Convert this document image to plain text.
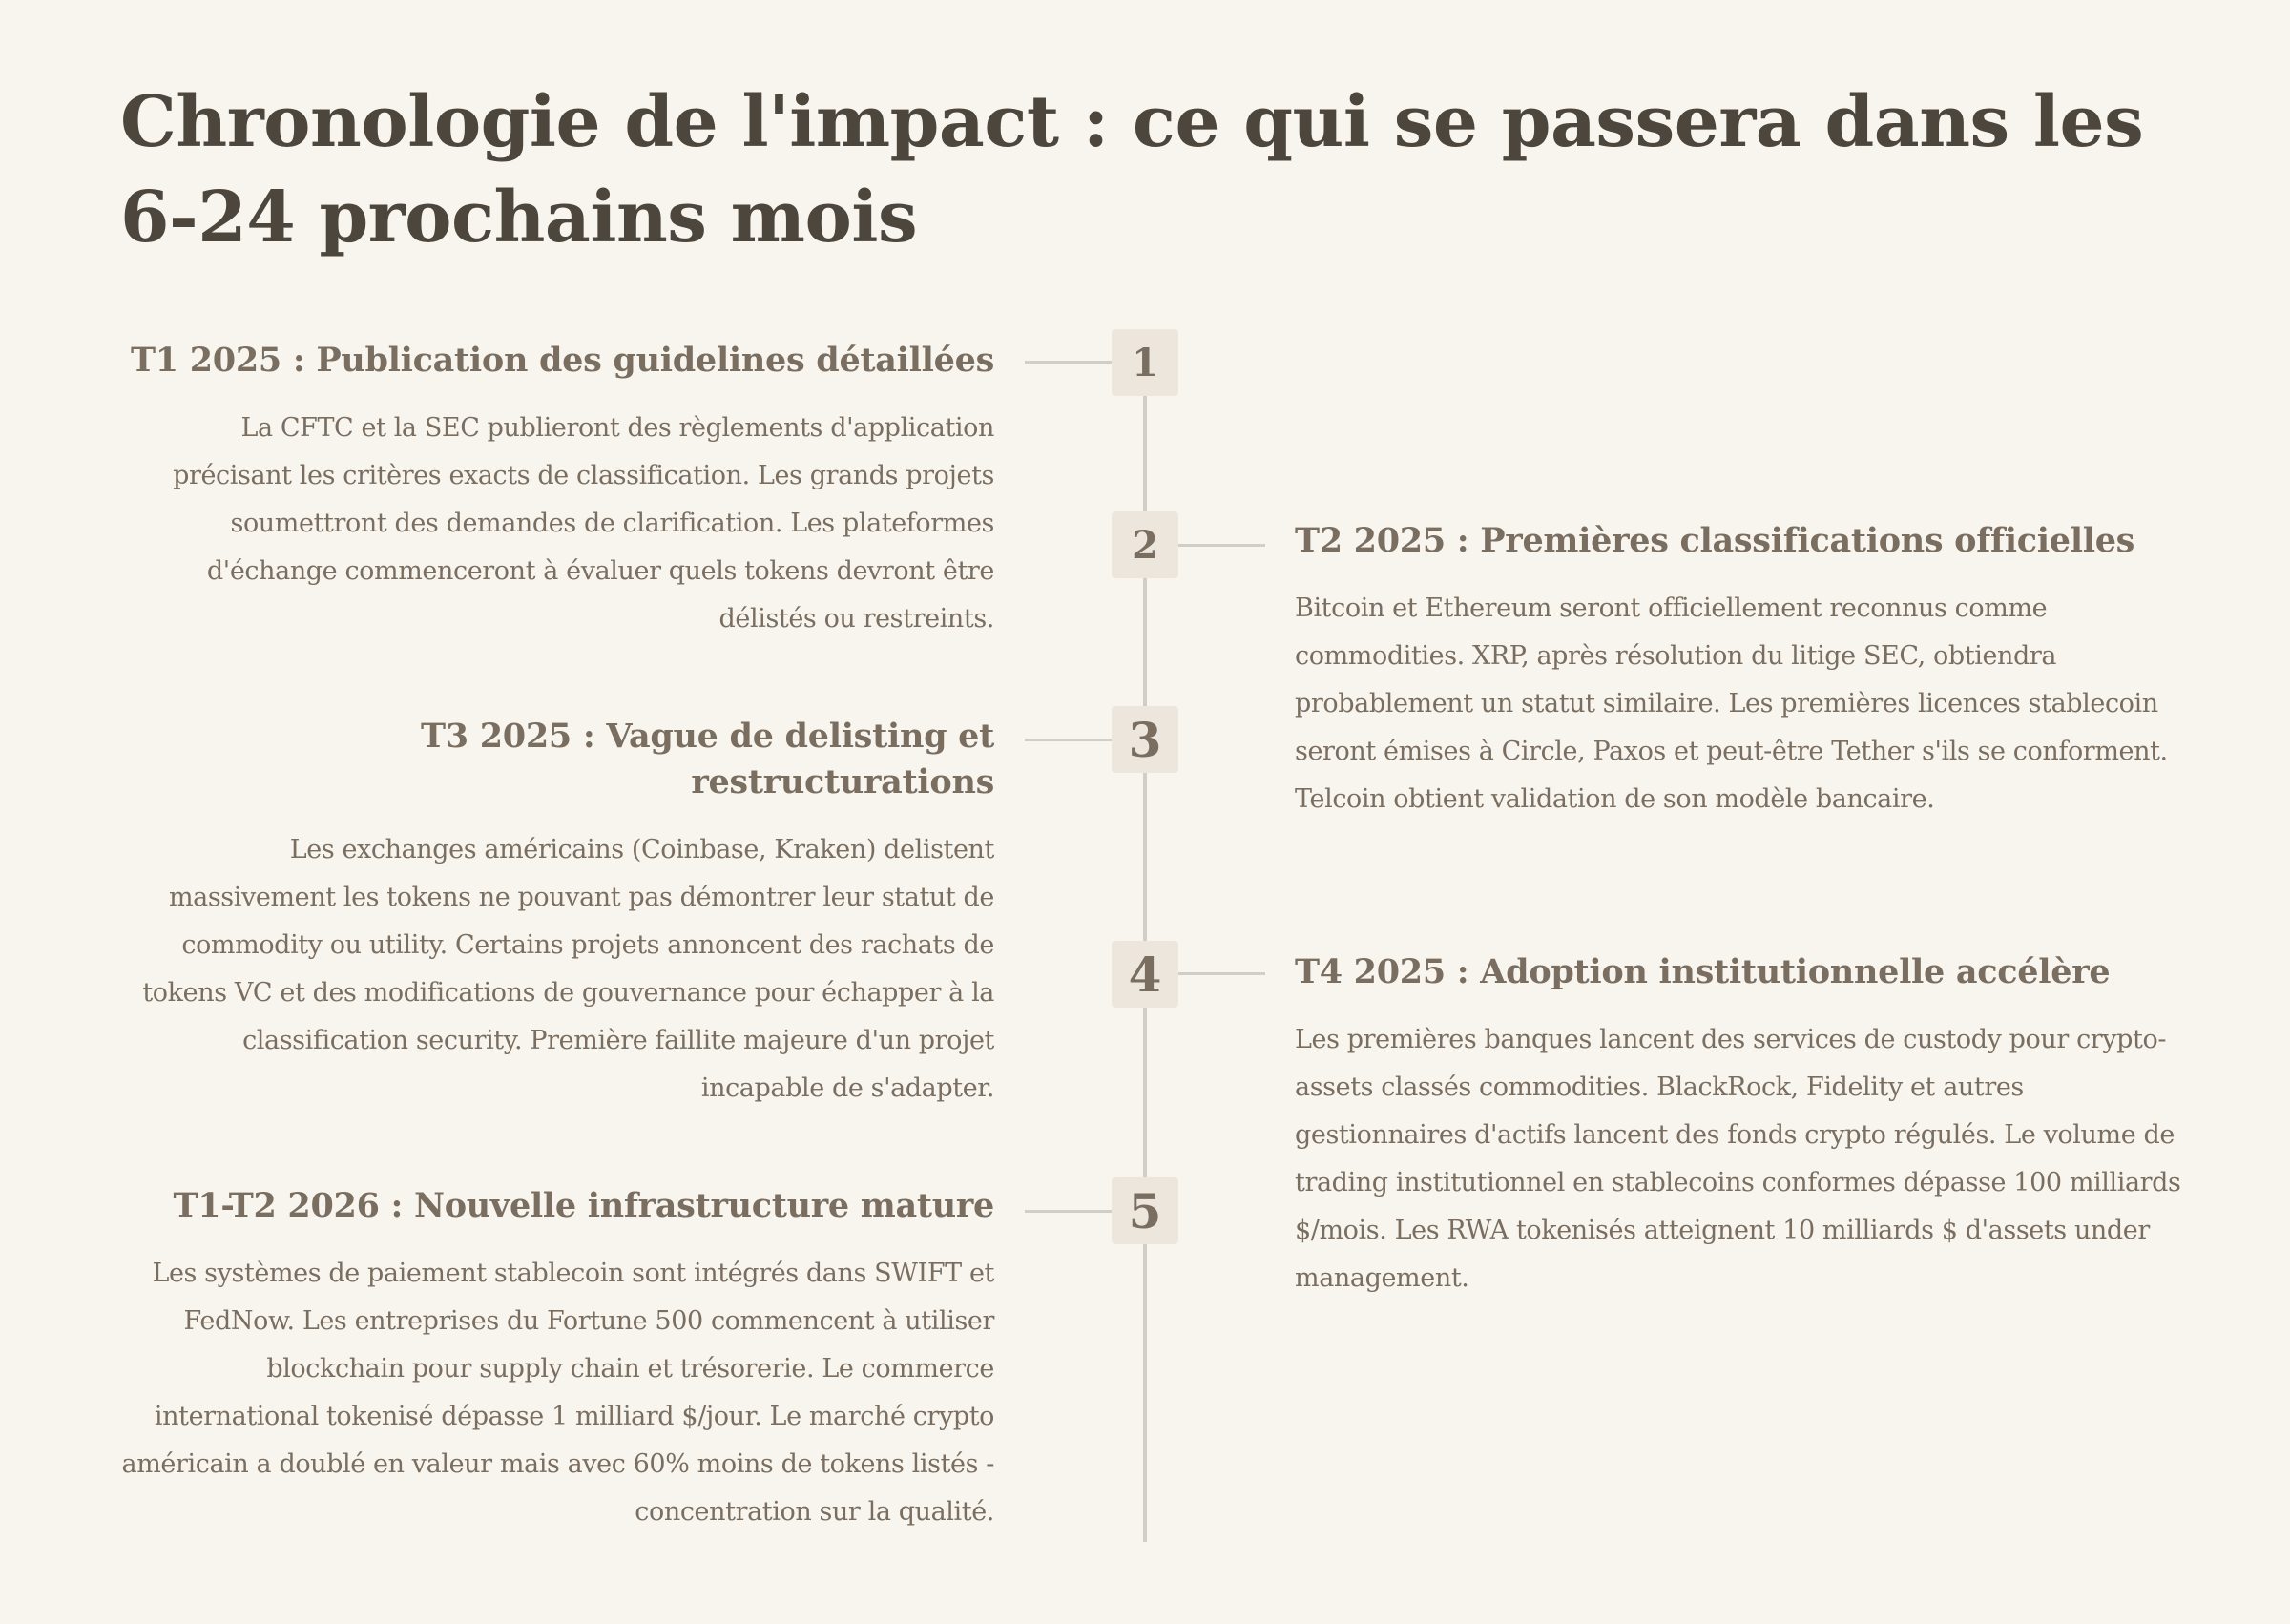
Chronologie de l'impact : ce qui se passera dans les 6-24 prochains mois
1
2
3
4
5
T1 2025 : Publication des guidelines détaillées

La CFTC et la SEC publieront des règlements d'application précisant les critères exacts de classification. Les grands projets soumettront des demandes de clarification. Les plateformes d'échange commenceront à évaluer quels tokens devront être délistés ou restreints.

T2 2025 : Premières classifications officielles

Bitcoin et Ethereum seront officiellement reconnus comme commodities. XRP, après résolution du litige SEC, obtiendra probablement un statut similaire. Les premières licences stablecoin seront émises à Circle, Paxos et peut-être Tether s'ils se conforment. Telcoin obtient validation de son modèle bancaire.

T3 2025 : Vague de delisting et restructurations

Les exchanges américains (Coinbase, Kraken) delistent massivement les tokens ne pouvant pas démontrer leur statut de commodity ou utility. Certains projets annoncent des rachats de tokens VC et des modifications de gouvernance pour échapper à la classification security. Première faillite majeure d'un projet incapable de s'adapter.

T4 2025 : Adoption institutionnelle accélère

Les premières banques lancent des services de custody pour crypto-assets classés commodities. BlackRock, Fidelity et autres gestionnaires d'actifs lancent des fonds crypto régulés. Le volume de trading institutionnel en stablecoins conformes dépasse 100 milliards $/mois. Les RWA tokenisés atteignent 10 milliards $ d'assets under management.

T1-T2 2026 : Nouvelle infrastructure mature

Les systèmes de paiement stablecoin sont intégrés dans SWIFT et FedNow. Les entreprises du Fortune 500 commencent à utiliser blockchain pour supply chain et trésorerie. Le commerce international tokenisé dépasse 1 milliard $/jour. Le marché crypto américain a doublé en valeur mais avec 60% moins de tokens listés - concentration sur la qualité.
